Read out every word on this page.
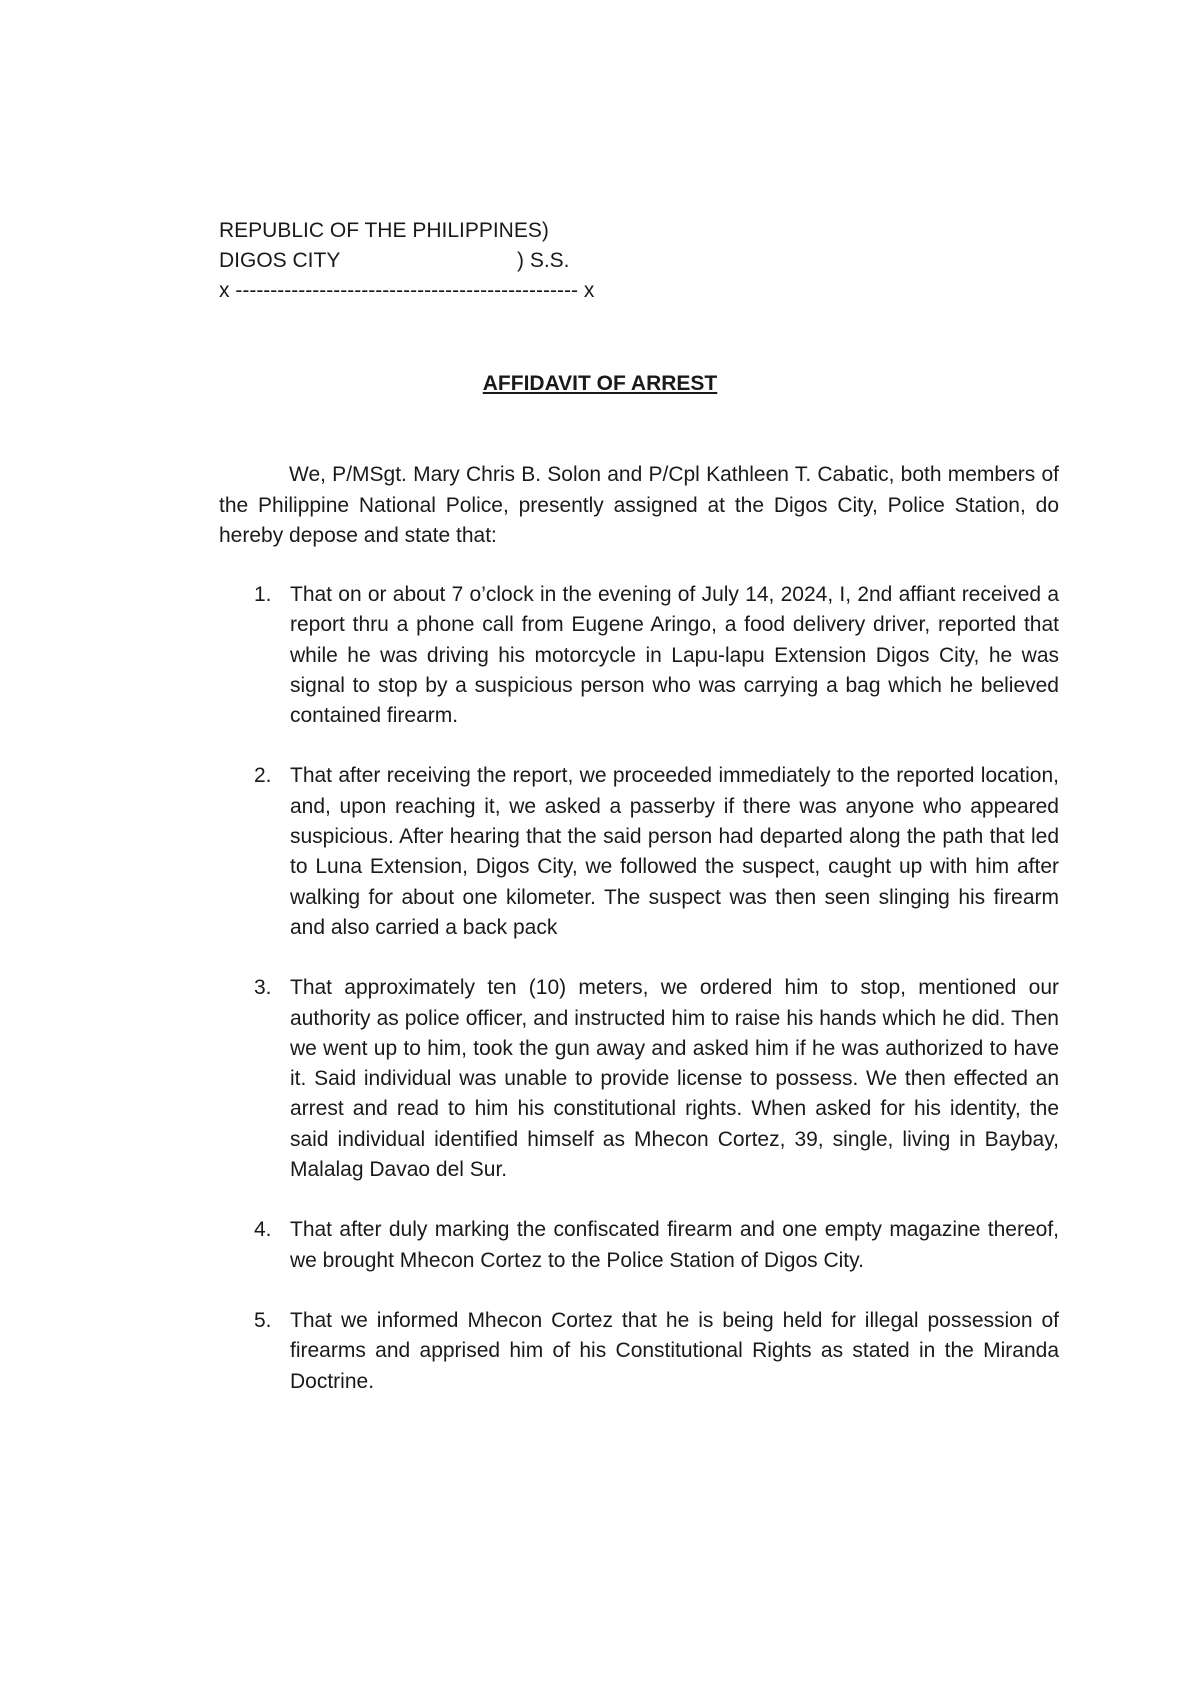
REPUBLIC OF THE PHILIPPINES)
DIGOS CITY	) S.S.
x ------------------------------------------------- x
AFFIDAVIT OF ARREST

We, P/MSgt. Mary Chris B. Solon and P/Cpl Kathleen T. Cabatic, both members of the Philippine National Police, presently assigned at the Digos City, Police Station, do hereby depose and state that:

1. That on or about 7 o’clock in the evening of July 14, 2024, I, 2nd affiant received a report thru a phone call from Eugene Aringo, a food delivery driver, reported that while he was driving his motorcycle in Lapu-lapu Extension Digos City, he was signal to stop by a suspicious person who was carrying a bag which he believed contained firearm.
2. That after receiving the report, we proceeded immediately to the reported location, and, upon reaching it, we asked a passerby if there was anyone who appeared suspicious. After hearing that the said person had departed along the path that led to Luna Extension, Digos City, we followed the suspect, caught up with him after walking for about one kilometer. The suspect was then seen slinging his firearm and also carried a back pack
3. That approximately ten (10) meters, we ordered him to stop, mentioned our authority as police officer, and instructed him to raise his hands which he did. Then we went up to him, took the gun away and asked him if he was authorized to have it. Said individual was unable to provide license to possess. We then effected an arrest and read to him his constitutional rights. When asked for his identity, the said individual identified himself as Mhecon Cortez, 39, single, living in Baybay, Malalag Davao del Sur.
4. That after duly marking the confiscated firearm and one empty magazine thereof, we brought Mhecon Cortez to the Police Station of Digos City.
5. That we informed Mhecon Cortez that he is being held for illegal possession of firearms and apprised him of his Constitutional Rights as stated in the Miranda Doctrine.
